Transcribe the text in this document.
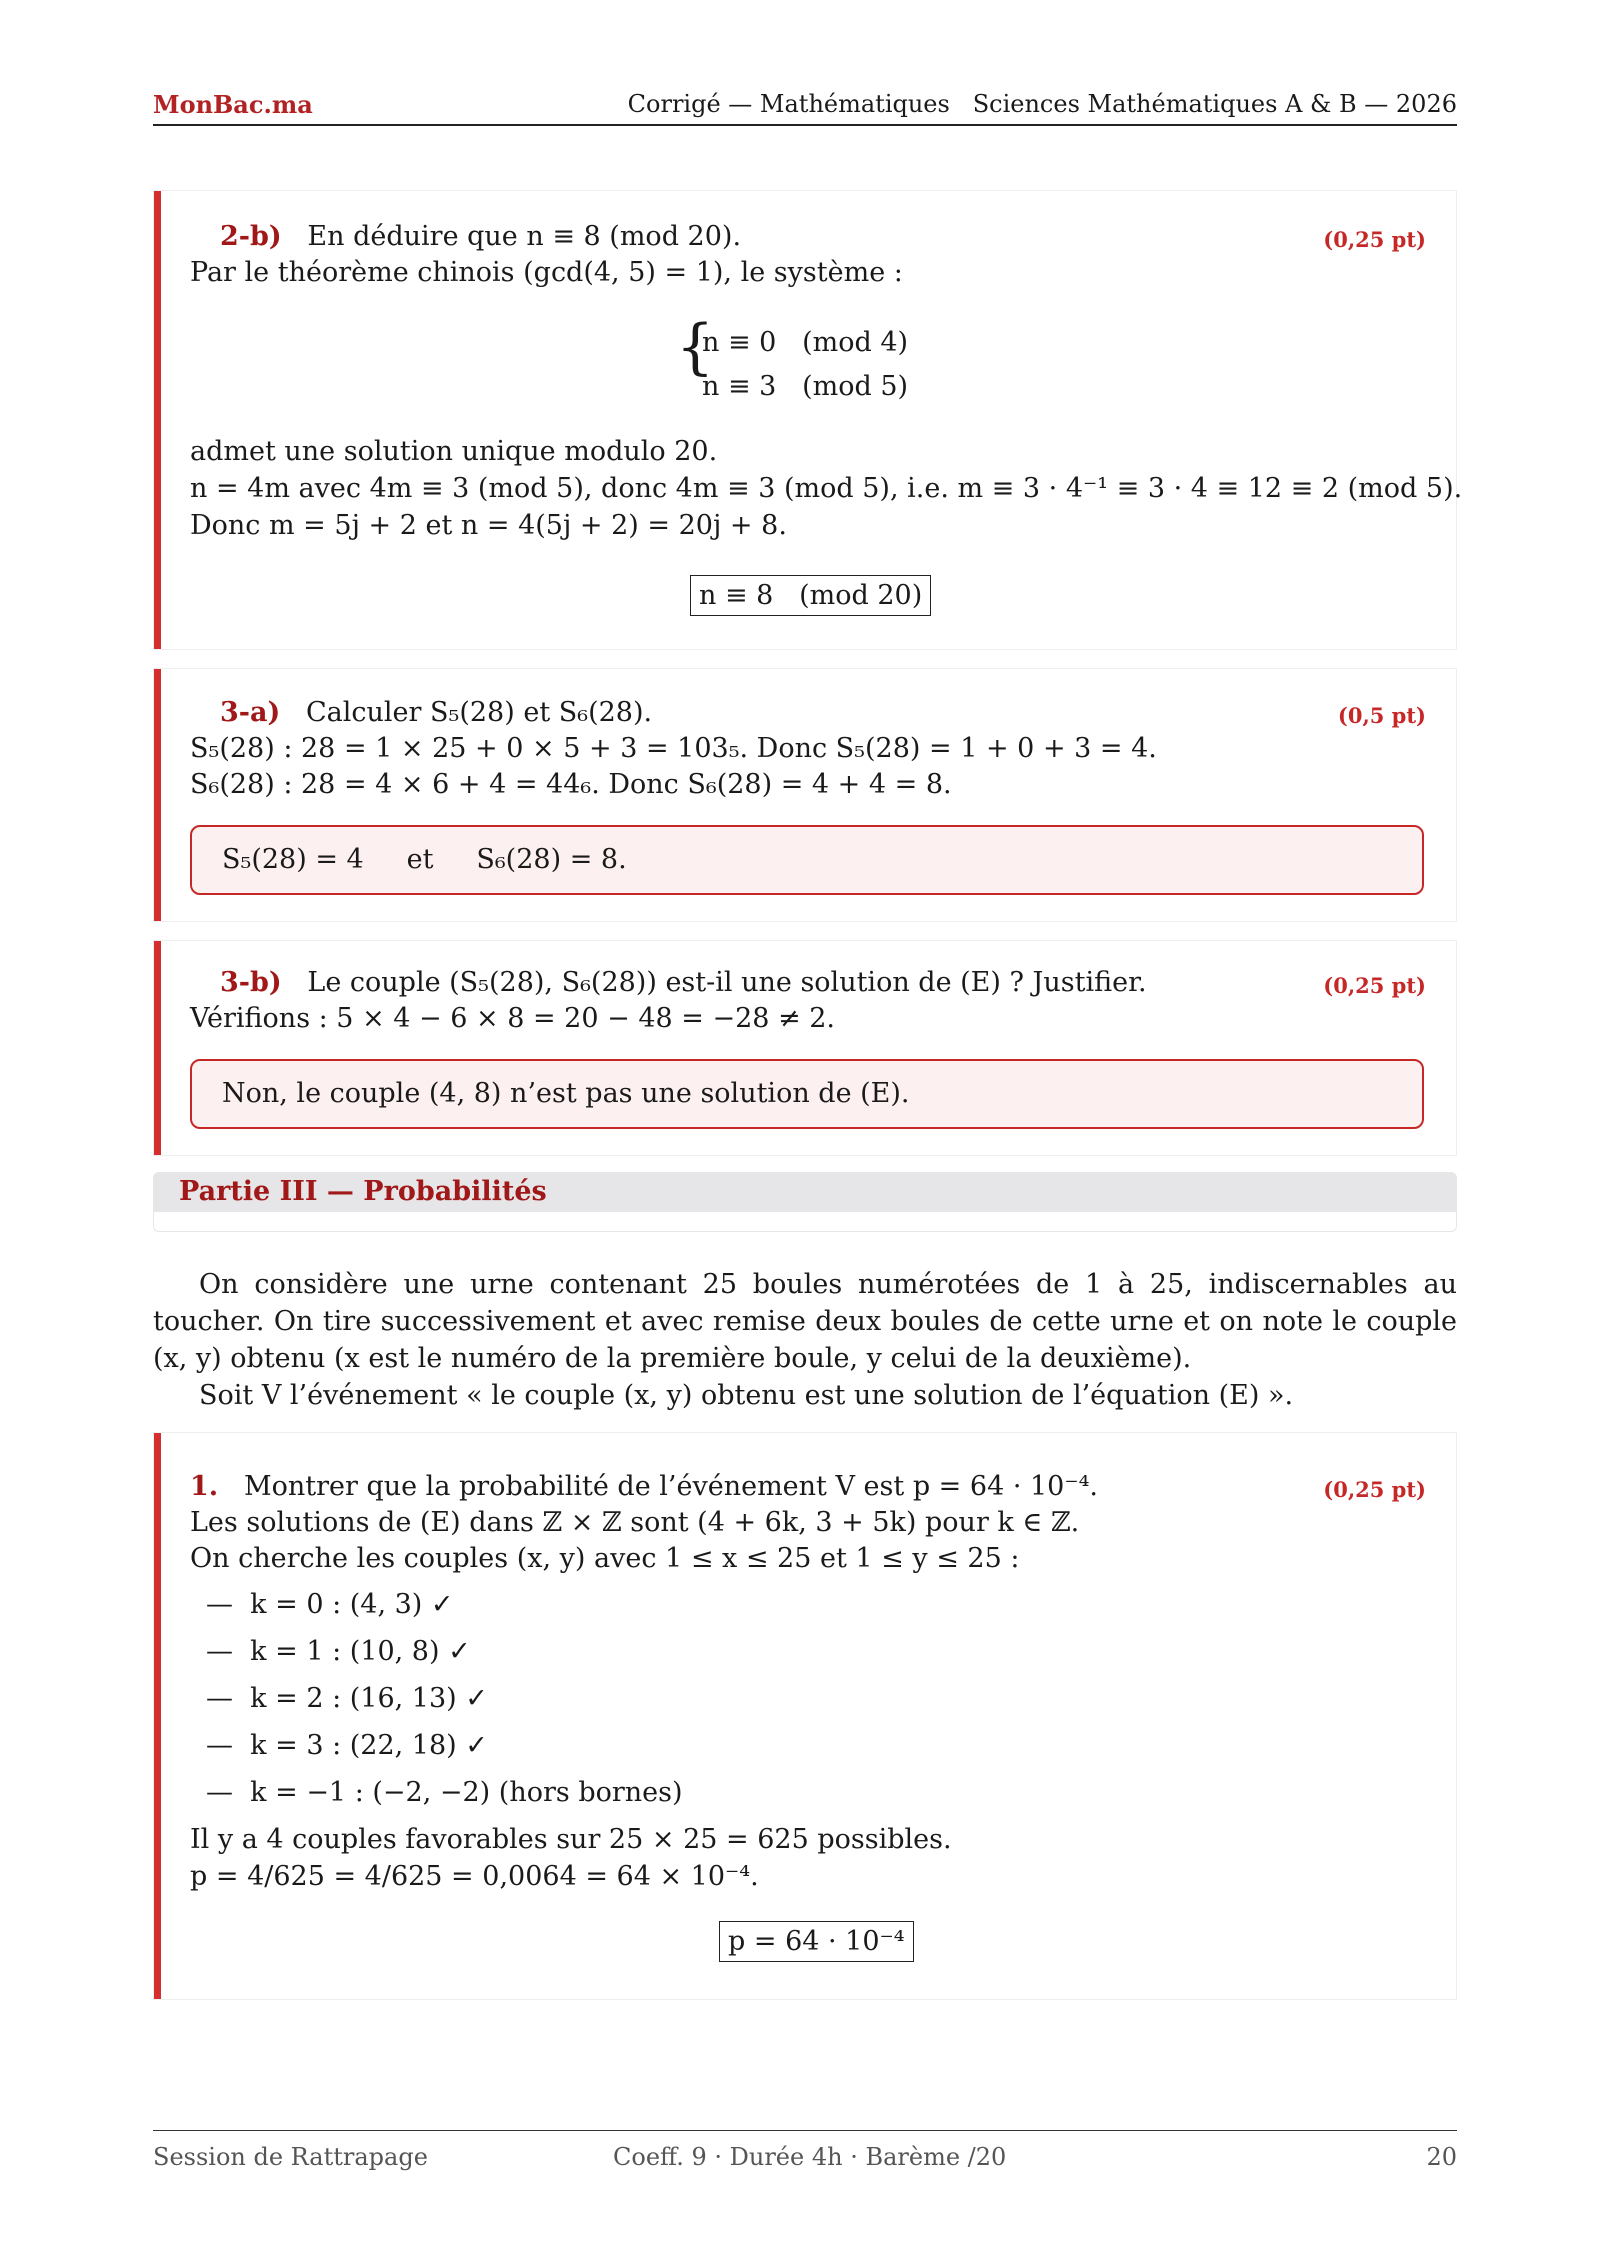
MonBac.ma	Corrigé — Mathématiques   Sciences Mathématiques A & B — 2026
2-b) En déduire que n ≡ 8 (mod 20).	(0,25 pt)
Par le théorème chinois (gcd(4, 5) = 1), le système :
{
n ≡ 0   (mod 4)
n ≡ 3   (mod 5)
admet une solution unique modulo 20.
n = 4m avec 4m ≡ 3 (mod 5), donc 4m ≡ 3 (mod 5), i.e. m ≡ 3 · 4⁻¹ ≡ 3 · 4 ≡ 12 ≡ 2 (mod 5).
Donc m = 5j + 2 et n = 4(5j + 2) = 20j + 8.
n ≡ 8   (mod 20)
3-a) Calculer S₅(28) et S₆(28).	(0,5 pt)
S₅(28) : 28 = 1 × 25 + 0 × 5 + 3 = 103₅. Donc S₅(28) = 1 + 0 + 3 = 4.
S₆(28) : 28 = 4 × 6 + 4 = 44₆. Donc S₆(28) = 4 + 4 = 8.
S₅(28) = 4     et     S₆(28) = 8.
3-b) Le couple (S₅(28), S₆(28)) est-il une solution de (E) ? Justifier.	(0,25 pt)
Vérifions : 5 × 4 − 6 × 8 = 20 − 48 = −28 ≠ 2.
Non, le couple (4, 8) n’est pas une solution de (E).
Partie III — Probabilités
On considère une urne contenant 25 boules numérotées de 1 à 25, indiscernables au toucher. On tire successivement et avec remise deux boules de cette urne et on note le couple (x, y) obtenu (x est le numéro de la première boule, y celui de la deuxième).
Soit V l’événement « le couple (x, y) obtenu est une solution de l’équation (E) ».
1. Montrer que la probabilité de l’événement V est p = 64 · 10⁻⁴.	(0,25 pt)
Les solutions de (E) dans ℤ × ℤ sont (4 + 6k, 3 + 5k) pour k ∈ ℤ.
On cherche les couples (x, y) avec 1 ≤ x ≤ 25 et 1 ≤ y ≤ 25 :
—  k = 0 : (4, 3) ✓
—  k = 1 : (10, 8) ✓
—  k = 2 : (16, 13) ✓
—  k = 3 : (22, 18) ✓
—  k = −1 : (−2, −2) (hors bornes)
Il y a 4 couples favorables sur 25 × 25 = 625 possibles.
p = 4/625 = 4/625 = 0,0064 = 64 × 10⁻⁴.
p = 64 · 10⁻⁴
Session de Rattrapage	Coeff. 9 · Durée 4h · Barème /20	20
